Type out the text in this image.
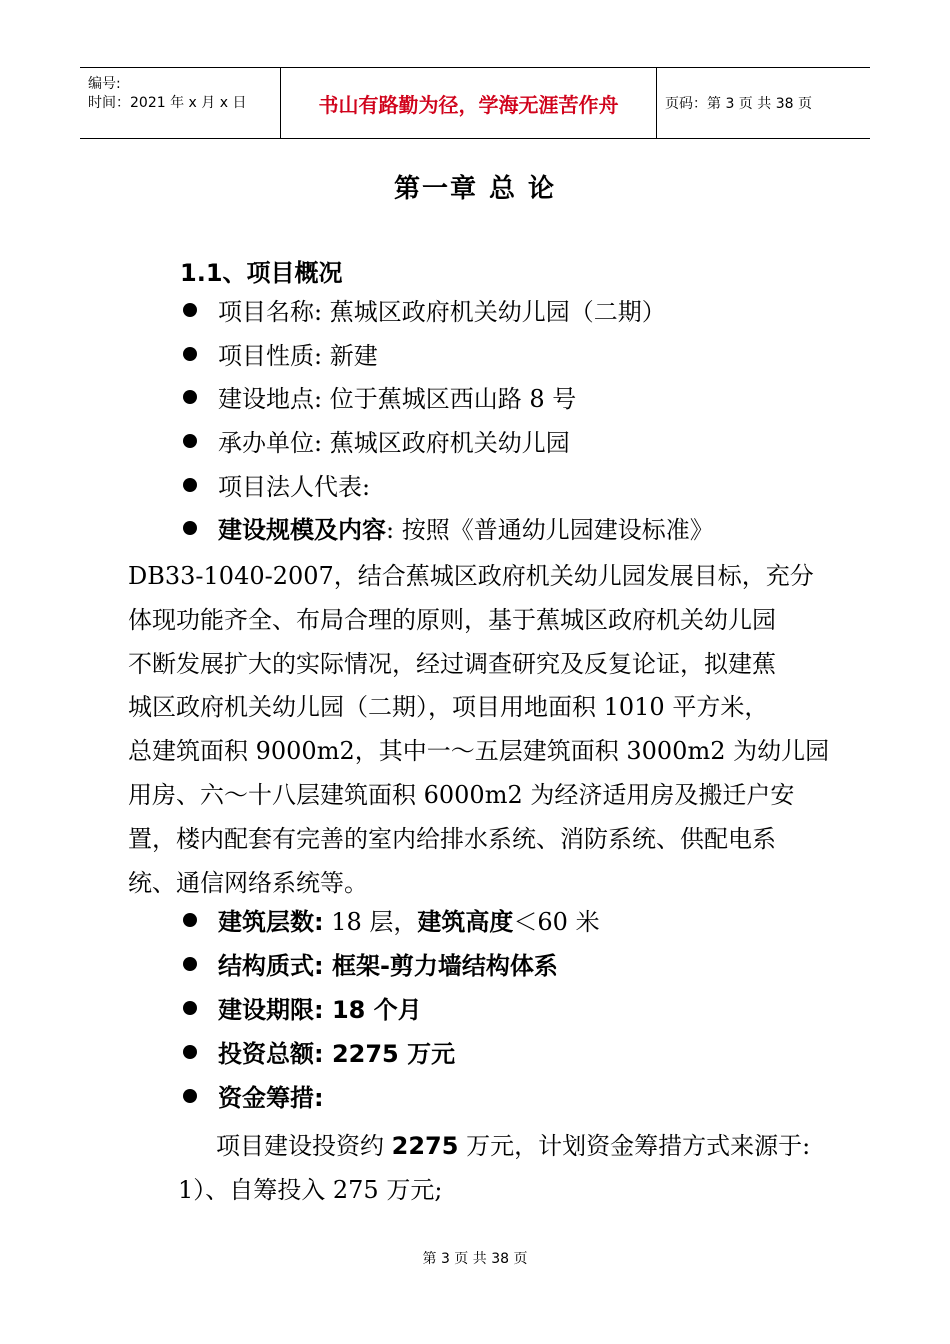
编号:
时间：2021 年 x 月 x 日	书山有路勤为径，学海无涯苦作舟	页码：第 3 页 共 38 页
第一章 总 论
1.1、项目概况
项目名称: 蕉城区政府机关幼儿园（二期）
项目性质: 新建
建设地点: 位于蕉城区西山路 8 号
承办单位: 蕉城区政府机关幼儿园
项目法人代表:
建设规模及内容: 按照《普通幼儿园建设标准》
DB33-1040-2007，结合蕉城区政府机关幼儿园发展目标，充分
体现功能齐全、布局合理的原则，基于蕉城区政府机关幼儿园
不断发展扩大的实际情况，经过调查研究及反复论证，拟建蕉
城区政府机关幼儿园（二期），项目用地面积 1010 平方米，
总建筑面积 9000m2，其中一～五层建筑面积 3000m2 为幼儿园
用房、六～十八层建筑面积 6000m2 为经济适用房及搬迁户安
置，楼内配套有完善的室内给排水系统、消防系统、供配电系
统、通信网络系统等。
建筑层数: 18 层，建筑高度＜60 米
结构质式: 框架-剪力墙结构体系
建设期限: 18 个月
投资总额: 2275 万元
资金筹措:
项目建设投资约 2275 万元，计划资金筹措方式来源于:
1）、自筹投入 275 万元;
第 3 页 共 38 页
